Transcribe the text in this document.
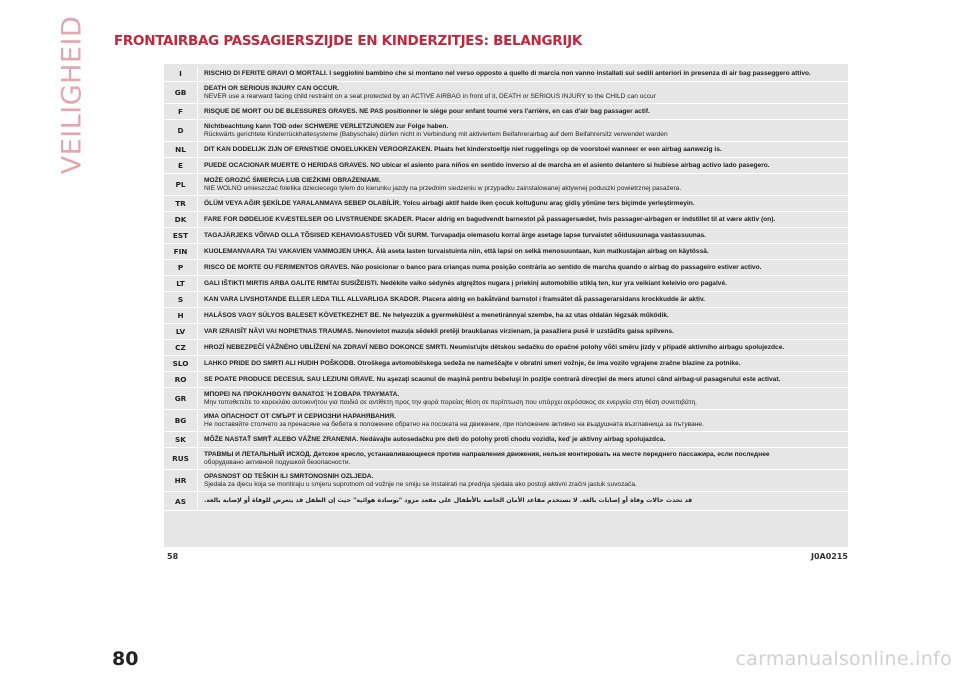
VEILIGHEID FRONTAIRBAG PASSAGIERSZIJDE EN KINDERZITJES: BELANGRIJK
I	RISCHIO DI FERITE GRAVI O MORTALI. I seggiolini bambino che si montano nel verso opposto a quello di marcia non vanno installati sui sedili anteriori in presenza di air bag passeggero attivo.
GB	DEATH OR SERIOUS INJURY CAN OCCUR.
NEVER use a rearward facing child restraint on a seat protected by an ACTIVE AIRBAG in front of it, DEATH or SERIOUS INJURY to the CHILD can occur
F	RISQUE DE MORT OU DE BLESSURES GRAVES. NE PAS positionner le siège pour enfant tourné vers l'arrière, en cas d'air bag passager actif.
D	Nichtbeachtung kann TOD oder SCHWERE VERLETZUNGEN zur Folge haben.
Rückwärts gerichtete Kinderrückhaltesysteme (Babyschale) dürfen nicht in Verbindung mit aktiviertem Beifahrerairbag auf dem Beifahrersitz verwendet warden
NL	DIT KAN DODELIJK ZIJN OF ERNSTIGE ONGELUKKEN VEROORZAKEN. Plaats het kinderstoeltje niet ruggelings op de voorstoel wanneer er een airbag aanwezig is.
E	PUEDE OCACIONAR MUERTE O HERIDAS GRAVES. NO ubicar el asiento para niños en sentido inverso al de marcha en el asiento delantero si hubiese airbag activo lado pasegero.
PL	MOŻE GROZIĆ ŚMIERCIA LUB CIEŻKIMI OBRAŻENIAMI.
NIE WOLNO umieszczać foletika dzieciecego tylem do kierunku jazdy na przednim siedzeniu w przypadku zainstalowanej aktywnej poduszki powietrznej pasażera.
TR	ÖLÜM VEYA AĞIR ŞEKİLDE YARALANMAYA SEBEP OLABİLİR. Yolcu airbaği aktif halde iken çocuk koltuğunu araç gidiş yönüne ters biçimde yerleştirmeyin.
DK	FARE FOR DØDELIGE KVÆSTELSER OG LIVSTRUENDE SKADER. Placer aldrig en bagudvendt barnestol på passagersædet, hvis passager-airbagen er indstillet til at være aktiv (on).
EST	TAGAJÄRJEKS VÕIVAD OLLA TÕSISED KEHAVIGASTUSED VÕI SURM. Turvapadja olemasolu korral ärge asetage lapse turvaistet sõidusuunaga vastassuunas.
FIN	KUOLEMANVAARA TAI VAKAVIEN VAMMOJEN UHKA. Älä aseta lasten turvaistuinta niin, että lapsi on selkä menosuuntaan, kun matkustajan airbag on käytössä.
P	RISCO DE MORTE OU FERIMENTOS GRAVES. Não posicionar o banco para crianças numa posição contrária ao sentido de marcha quando o airbag do passageiro estiver activo.
LT	GALI IŠTIKTI MIRTIS ARBA GALITE RIMTAI SUSIŽEISTI. Nedėkite vaiko sėdynės atgręžtos nugara į priekinį automobilio stiklą ten, kur yra veikiant keleivio oro pagalvė.
S	KAN VARA LIVSHOTANDE ELLER LEDA TILL ALLVARLIGA SKADOR. Placera aldrig en bakåtvänd barnstol i framsätet då passagerarsidans krockkudde är aktiv.
H	HALÁSOS VAGY SÚLYOS BALESET KÖVETKEZHET BE. Ne helyezzük a gyermekülést a menetiránnyal szembe, ha az utas oldalán légzsák működik.
LV	VAR IZRAISĪT NĀVI VAI NOPIETNAS TRAUMAS. Nenovietot mazuļa sēdekli pretēji braukšanas virzienam, ja pasažiera pusē ir uzstādīts gaisa spilvens.
CZ	HROZÍ NEBEZPEČÍ VÁŽNÉHO UBLÍŽENÍ NA ZDRAVÍ NEBO DOKONCE SMRTI. Neumisťujte dětskou sedačku do opačné polohy vůči směru jízdy v případě aktivního airbagu spolujezdce.
SLO	LAHKO PRIDE DO SMRTI ALI HUDIH POŠKODB. Otroškega avtomobilskega sedeža ne nameščajte v obratni smeri vožnje, če ima vozilo vgrajene zračne blazine za potnike.
RO	SE POATE PRODUCE DECESUL SAU LEZIUNI GRAVE. Nu aşezaţi scaunul de maşină pentru bebeluşi în poziţie contrară direcţiei de mers atunci când airbag-ul pasagerului este activat.
GR	ΜΠΟΡΕΙ ΝΑ ΠΡΟΚΛΗΘΟΥΝ ΘΑΝΑΤΟΣ Ή ΣΟΒΑΡΑ ΤΡΑΥΜΑΤΑ.
Μην τοποθετείτε το καρεκλάκι αυτοκινήτου για παιδιά σε αντίθετη προς την φορά πορείας θέση σε περίπτωση που υπάρχει αερόσακος σε ενεργεία στη θέση συνεπιβάτη.
BG	ИМА ОПАСНОСТ ОТ СМЪРТ И СЕРИОЗНИ НАРАНЯВАНИЯ.
Не поставяйте столчето за пренасяне на бебета в положение обратно на посоката на движение, при положение активно на въздушната възглавница за пътуване.
SK	MÔŽE NASTAŤ SMRŤ ALEBO VÁŽNE ZRANENIA. Nedávajte autosedačku pre deti do polohy proti chodu vozidla, keď je aktívny airbag spolujazdca.
RUS	ТРАВМЫ И ЛЕТАЛЬНЫЙ ИСХОД. Детское кресло, устанавливающееся против направления движения, нельзя монтировать на месте переднего пассажира, если последнее
оборудовано активной подушкой безопасности.
HR	OPASNOST OD TEŠKIH ILI SMRTONOSNIH OZLJEDA.
Sjedala za djecu koja se montiraju u smjeru suprotnom od vožnje ne smiju se instalirati na prednja sjedala ako postoji aktivni zračni jastuk suvozača.
AS	قد تحدث حالات وفاة أو إصابات بالغة. لا تستخدم مقاعد الأمان الخاصة بالأطفال على مقعد مزود "بوسادة هوائية" حيث إن الطفل قد يتعرض للوفاة أو لإصابة بالغة.
58	J0A0215
80	carmanualsonline.info
